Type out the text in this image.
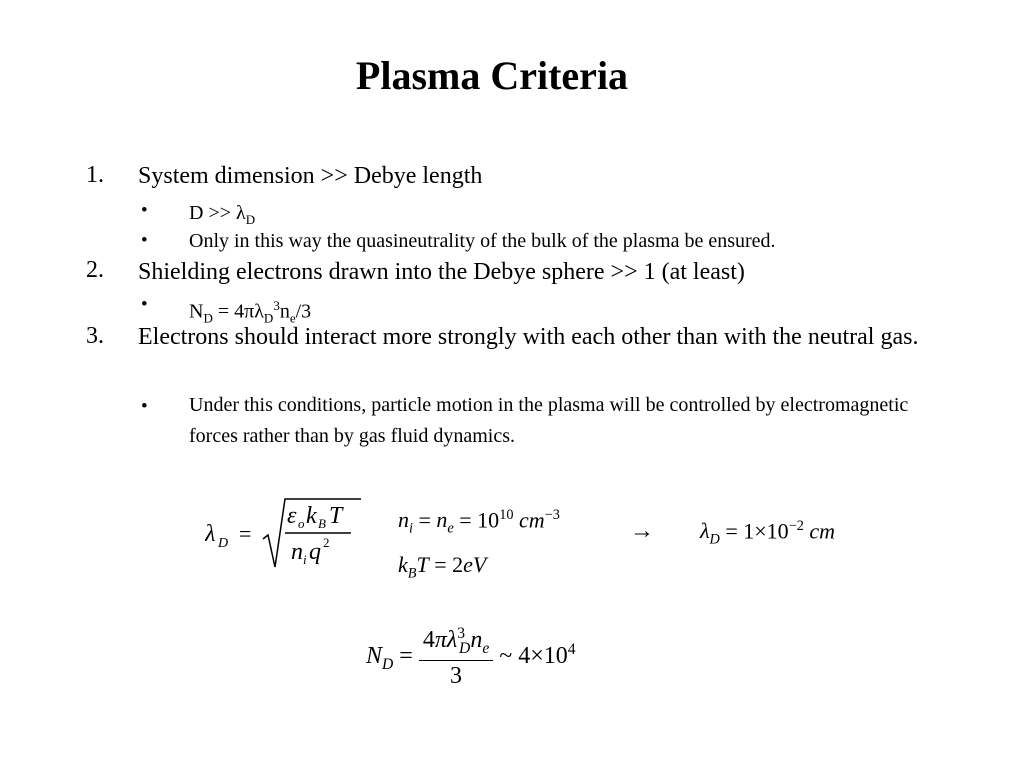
Plasma Criteria
1. System dimension >> Debye length
• $D >> \lambda_D$
• Only in this way the quasineutrality of the bulk of the plasma be ensured.
2. Shielding electrons drawn into the Debye sphere >> 1 (at least)
• $N_D = 4\pi\lambda_D^3n_e/3$
3. Electrons should interact more strongly with each other than with the neutral gas.
• Under this conditions, particle motion in the plasma will be controlled by electromagnetic forces rather than by gas fluid dynamics.
λ D =
ε o k B T
n i q 2
$n_i = n_e = 10^{10}$ $cm^{-3}$
$k_BT = 2eV$
→ $\lambda_D = 1\times 10^{-2}$ cm
$N_D = \frac{4\pi\lambda^3_Dn_e}{3}$ ~ $4\times 10^4$
